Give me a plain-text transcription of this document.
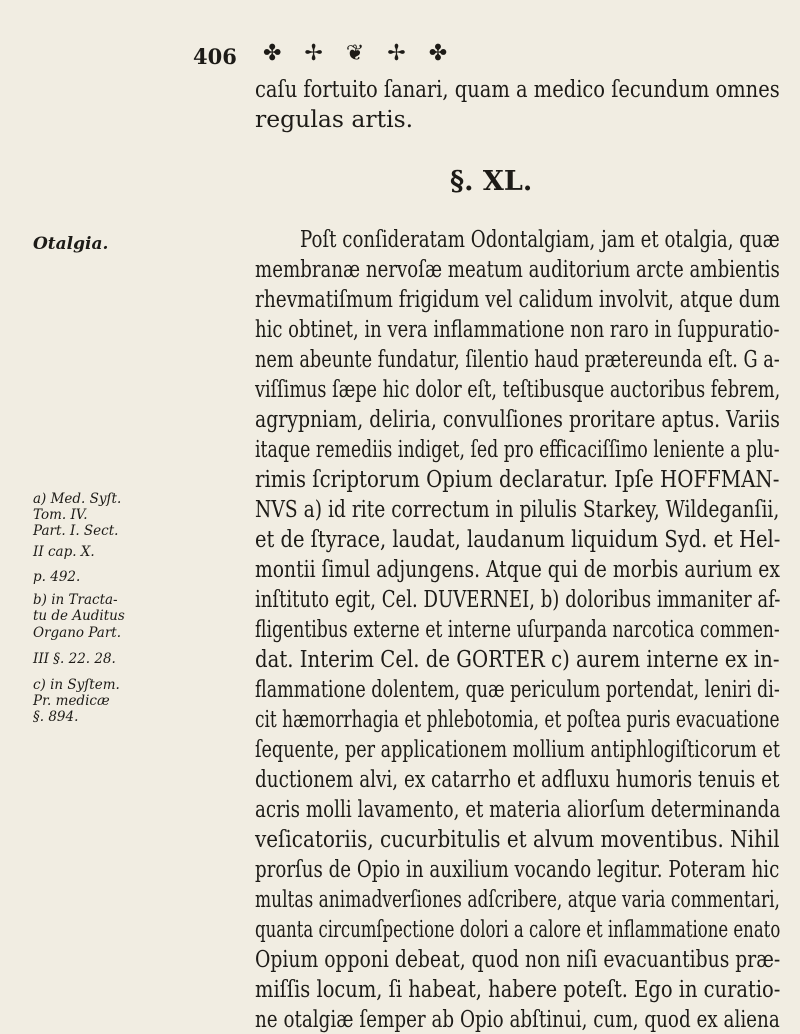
406 ✤ ✢ ❦ ✢ ✤
caſu fortuito ſanari, quam a medico ſecundum omnes
regulas artis.
§. XL.
Otalgia.	Poſt conſideratam Odontalgiam, jam et otalgia, quæ
membranæ nervoſæ meatum auditorium arcte ambientis
rhevmatiſmum frigidum vel calidum involvit, atque dum
hic obtinet, in vera inflammatione non raro in ſuppuratio-
nem abeunte fundatur, ſilentio haud prætereunda eſt. G a-
viſſimus ſæpe hic dolor eſt, teſtibusque auctoribus febrem,
agrypniam, deliria, convulſiones proritare aptus. Variis
itaque remediis indiget, ſed pro efficaciſſimo leniente a plu-
rimis ſcriptorum Opium declaratur. Ipſe HOFFMAN-
NVS a) id rite correctum in pilulis Starkey, Wildeganſii,
et de ſtyrace, laudat, laudanum liquidum Syd. et Hel-
montii ſimul adjungens. Atque qui de morbis aurium ex
inſtituto egit, Cel. DUVERNEI, b) doloribus immaniter af-
fligentibus externe et interne uſurpanda narcotica commen-
dat. Interim Cel. de GORTER c) aurem interne ex in-
flammatione dolentem, quæ periculum portendat, leniri di-
cit hæmorrhagia et phlebotomia, et poſtea puris evacuatione
ſequente, per applicationem mollium antiphlogiſticorum et
ductionem alvi, ex catarrho et adfluxu humoris tenuis et
acris molli lavamento, et materia aliorſum determinanda
veſicatoriis, cucurbitulis et alvum moventibus. Nihil
prorſus de Opio in auxilium vocando legitur. Poteram hic
multas animadverſiones adſcribere, atque varia commentari,
quanta circumſpectione dolori a calore et inflammatione enato
Opium opponi debeat, quod non niſi evacuantibus præ-
miſſis locum, ſi habeat, habere poteſt. Ego in curatio-
ne otalgiæ ſemper ab Opio abſtinui, cum, quod ex aliena
a) Med. Syſt.
Tom. IV.
Part. I. Sect.
II cap. X.
p. 492.
b) in Tracta-
tu de Auditus
Organo Part.
III §. 22. 28.
c) in Syſtem.
Pr. medicæ
§. 894.
